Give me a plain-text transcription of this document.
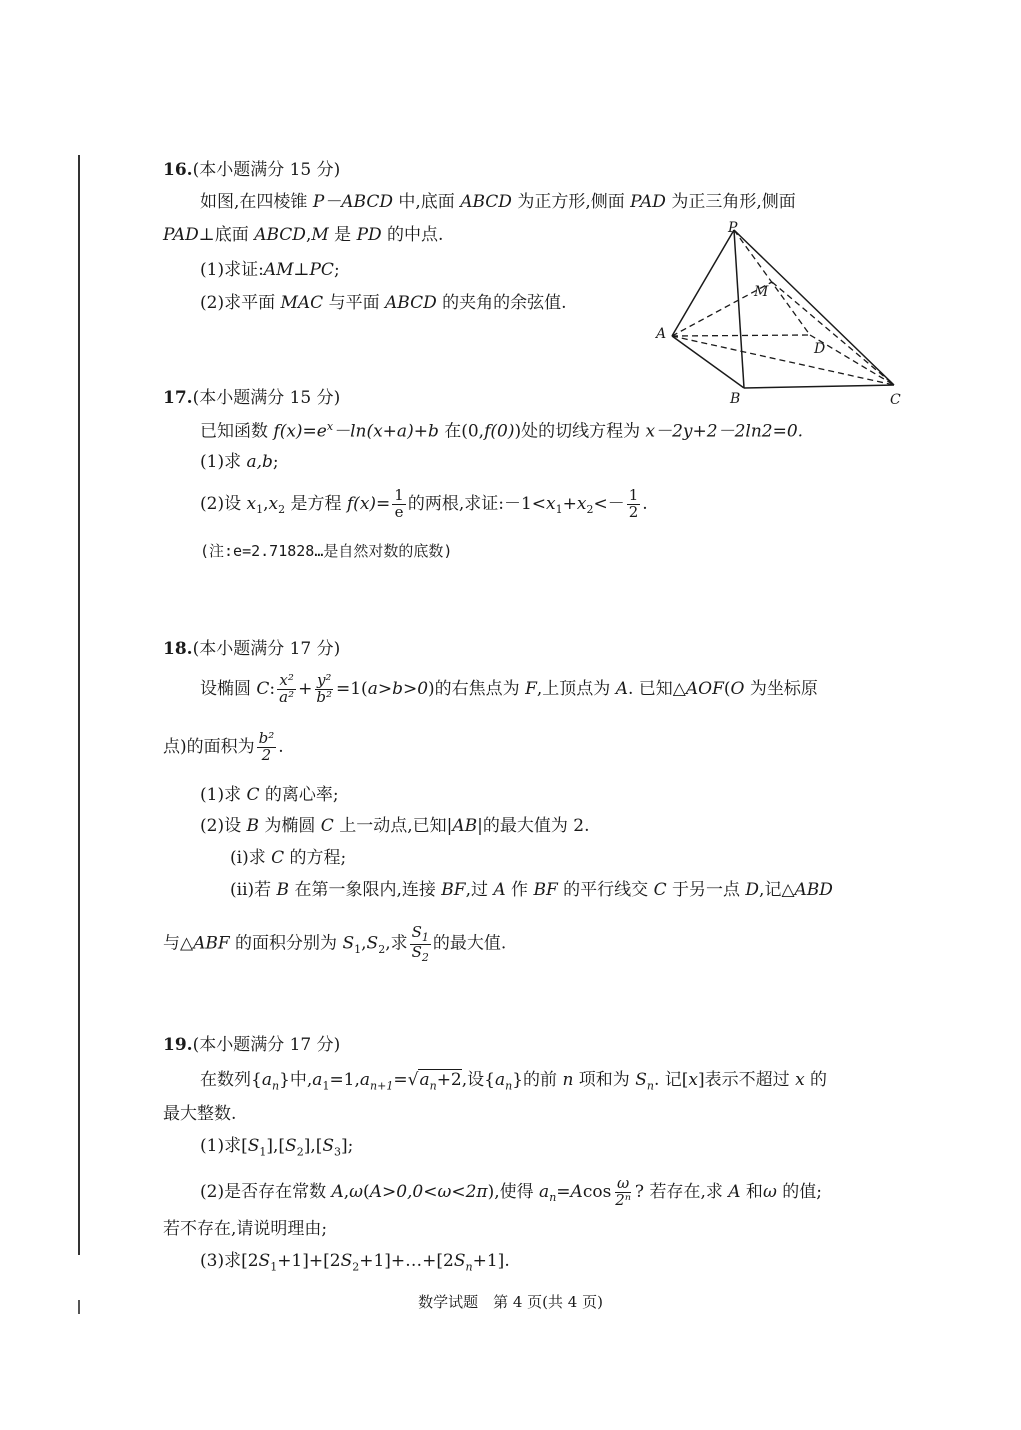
16.(本小题满分 15 分)
如图,在四棱锥 P－ABCD 中,底面 ABCD 为正方形,侧面 PAD 为正三角形,侧面
PAD⊥底面 ABCD,M 是 PD 的中点.
(1)求证:AM⊥PC;
(2)求平面 MAC 与平面 ABCD 的夹角的余弦值.
P
M
A
D
B	C
17.(本小题满分 15 分)
已知函数 $f(x)=e^x-\ln(x+a)+b$ 在(0,f(0))处的切线方程为 x－2y+2－2ln2=0.
(1)求 a,b;
(2)设 $x_1,x_2$ 是方程 $f(x)= \frac{1}{e}$ 的两根,求证$:-1<x_1+x_2<- \frac{1}{2}$ .
(注:e=2.71828…是自然对数的底数)
18.(本小题满分 17 分)
设椭圆 C: $\frac{\text{x²}}{\text{a²}} + \frac{\text{y²}}{\text{b²}} =1(a>b>0)$的右焦点为 F,上顶点为 A. 已知△AOF(O 为坐标原
点)的面积为 $\frac{\text{b²}}{2}$ .
(1)求 C 的离心率;
(2)设 B 为椭圆 C 上一动点,已知|AB|的最大值为 2.
(i)求 C 的方程;
(ii)若 B 在第一象限内,连接 BF,过 A 作 BF 的平行线交 C 于另一点 D,记△ABD
与△ABF 的面积分别为 $S_1,S_2$,求 $\frac{S_1}{S_2}$ 的最大值.
19.(本小题满分 17 分)
在数列$\{a_n\}$中$,a_1=1,a_{n+1}=√a_n+2$,设$\{a_n\}$的前 n 项和为 $S_n$. 记[x]表示不超过 x 的
最大整数.
(1)求$[S_1],[S_2],[S_3]$;
(2)是否存在常数 A,ω(A>0,0<ω<2π),使得 $a_n=Acos \frac{\omega}{\text{2ⁿ}}$ ? 若存在,求 A 和ω 的值;
若不存在,请说明理由;
(3)求$[2S_1+1]+[2S_2+1]+\dots+[2S_n+1]$.
数学试题　第 4 页(共 4 页)
